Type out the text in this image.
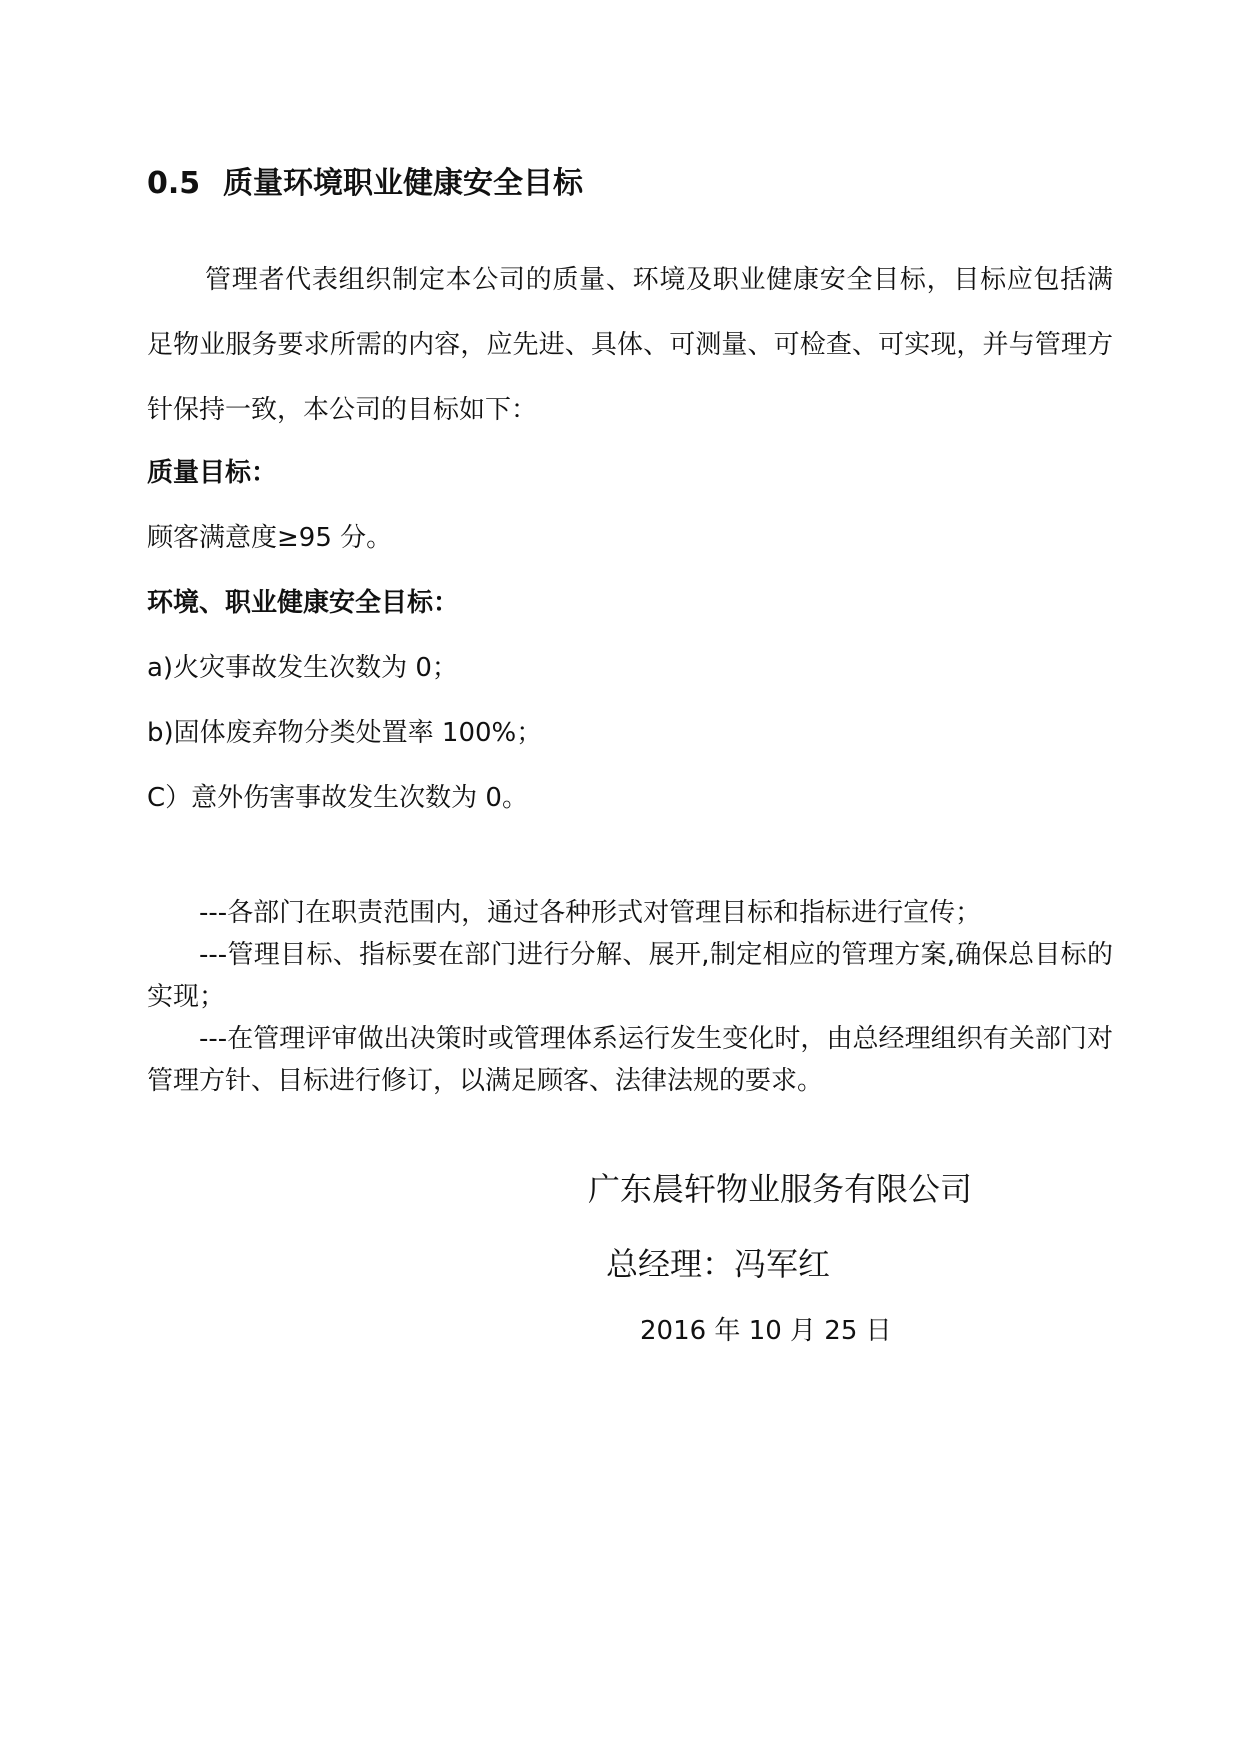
0.5 质量环境职业健康安全目标
管理者代表组织制定本公司的质量、环境及职业健康安全目标，目标应包括满足物业服务要求所需的内容，应先进、具体、可测量、可检查、可实现，并与管理方针保持一致，本公司的目标如下：
质量目标：
顾客满意度≥95 分。
环境、职业健康安全目标：
a)火灾事故发生次数为 0；
b)固体废弃物分类处置率 100%；
C）意外伤害事故发生次数为 0。

---各部门在职责范围内，通过各种形式对管理目标和指标进行宣传；

---管理目标、指标要在部门进行分解、展开,制定相应的管理方案,确保总目标的实现；

---在管理评审做出决策时或管理体系运行发生变化时，由总经理组织有关部门对管理方针、目标进行修订，以满足顾客、法律法规的要求。

广东晨轩物业服务有限公司
总经理：冯军红
2016 年 10 月 25 日
